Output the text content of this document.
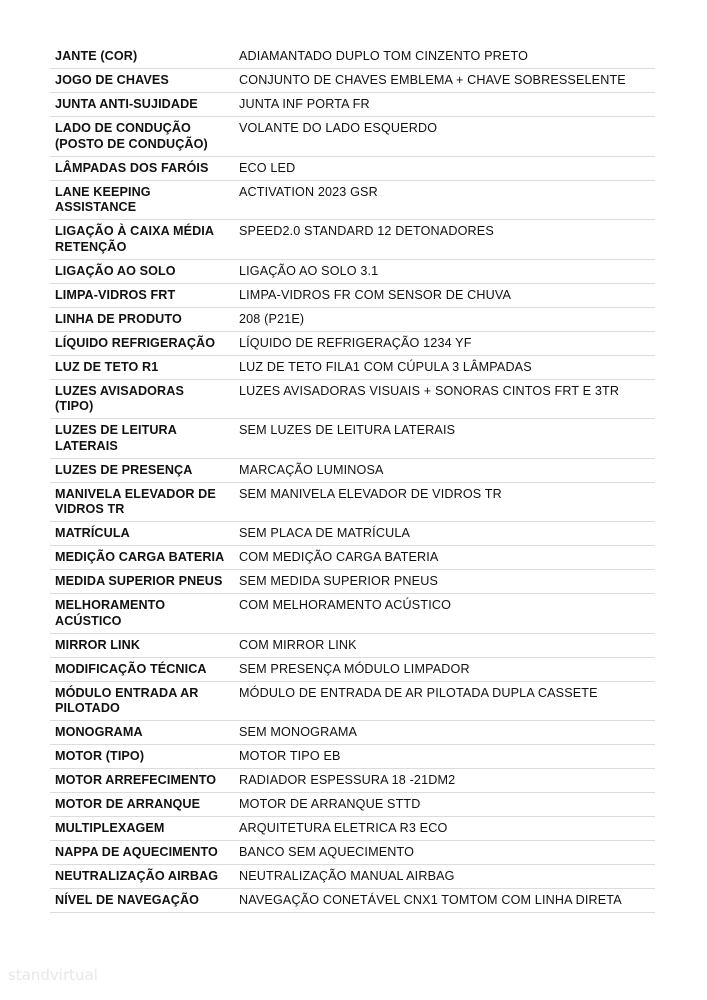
JANTE (COR)	ADIAMANTADO DUPLO TOM CINZENTO PRETO
JOGO DE CHAVES	CONJUNTO DE CHAVES EMBLEMA + CHAVE SOBRESSELENTE
JUNTA ANTI-SUJIDADE	JUNTA INF PORTA FR
LADO DE CONDUÇÃO (POSTO DE CONDUÇÃO)	VOLANTE DO LADO ESQUERDO
LÂMPADAS DOS FARÓIS	ECO LED
LANE KEEPING ASSISTANCE	ACTIVATION 2023 GSR
LIGAÇÃO À CAIXA MÉDIA RETENÇÃO	SPEED2.0 STANDARD 12 DETONADORES
LIGAÇÃO AO SOLO	LIGAÇÃO AO SOLO 3.1
LIMPA-VIDROS FRT	LIMPA-VIDROS FR COM SENSOR DE CHUVA
LINHA DE PRODUTO	208 (P21E)
LÍQUIDO REFRIGERAÇÃO	LÍQUIDO DE REFRIGERAÇÃO 1234 YF
LUZ DE TETO R1	LUZ DE TETO FILA1 COM CÚPULA 3 LÂMPADAS
LUZES AVISADORAS (TIPO)	LUZES AVISADORAS VISUAIS + SONORAS CINTOS FRT E 3TR
LUZES DE LEITURA LATERAIS	SEM LUZES DE LEITURA LATERAIS
LUZES DE PRESENÇA	MARCAÇÃO LUMINOSA
MANIVELA ELEVADOR DE VIDROS TR	SEM MANIVELA ELEVADOR DE VIDROS TR
MATRÍCULA	SEM PLACA DE MATRÍCULA
MEDIÇÃO CARGA BATERIA	COM MEDIÇÃO CARGA BATERIA
MEDIDA SUPERIOR PNEUS	SEM MEDIDA SUPERIOR PNEUS
MELHORAMENTO ACÚSTICO	COM MELHORAMENTO ACÚSTICO
MIRROR LINK	COM MIRROR LINK
MODIFICAÇÃO TÉCNICA	SEM PRESENÇA MÓDULO LIMPADOR
MÓDULO ENTRADA AR PILOTADO	MÓDULO DE ENTRADA DE AR PILOTADA DUPLA CASSETE
MONOGRAMA	SEM MONOGRAMA
MOTOR (TIPO)	MOTOR TIPO EB
MOTOR ARREFECIMENTO	RADIADOR ESPESSURA 18 -21DM2
MOTOR DE ARRANQUE	MOTOR DE ARRANQUE STTD
MULTIPLEXAGEM	ARQUITETURA ELETRICA R3 ECO
NAPPA DE AQUECIMENTO	BANCO SEM AQUECIMENTO
NEUTRALIZAÇÃO AIRBAG	NEUTRALIZAÇÃO MANUAL AIRBAG
NÍVEL DE NAVEGAÇÃO	NAVEGAÇÃO CONETÁVEL CNX1 TOMTOM COM LINHA DIRETA
standvirtual
